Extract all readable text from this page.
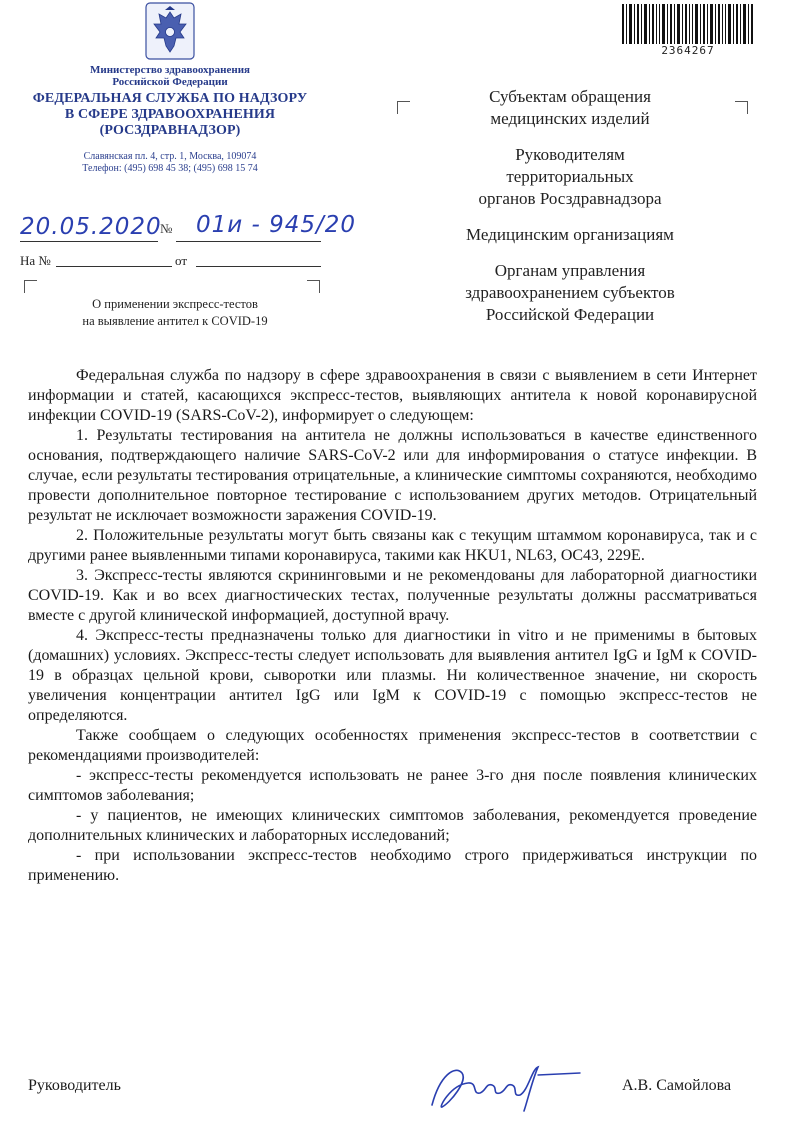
Министерство здравоохранения
Российской Федерации
ФЕДЕРАЛЬНАЯ СЛУЖБА ПО НАДЗОРУ
В СФЕРЕ ЗДРАВООХРАНЕНИЯ
(РОСЗДРАВНАДЗОР)
Славянская пл. 4, стр. 1, Москва, 109074
Телефон: (495) 698 45 38; (495) 698 15 74
20.05.2020
№ 01и - 945/20
На №	от
О применении экспресс-тестов
на выявление антител к COVID-19
2364267
Субъектам обращения
медицинских изделий
Руководителям
территориальных
органов Росздравнадзора
Медицинским организациям
Органам управления
здравоохранением субъектов
Российской Федерации

Федеральная служба по надзору в сфере здравоохранения в связи с выявлением в сети Интернет информации и статей, касающихся экспресс-тестов, выявляющих антитела к новой коронавирусной инфекции COVID-19 (SARS-CoV-2), информирует о следующем:

1. Результаты тестирования на антитела не должны использоваться в качестве единственного основания, подтверждающего наличие SARS-CoV-2 или для информирования о статусе инфекции. В случае, если результаты тестирования отрицательные, а клинические симптомы сохраняются, необходимо провести дополнительное повторное тестирование с использованием других методов. Отрицательный результат не исключает возможности заражения COVID-19.

2. Положительные результаты могут быть связаны как с текущим штаммом коронавируса, так и с другими ранее выявленными типами коронавируса, такими как HKU1, NL63, OC43, 229E.

3. Экспресс-тесты являются скрининговыми и не рекомендованы для лабораторной диагностики COVID-19. Как и во всех диагностических тестах, полученные результаты должны рассматриваться вместе с другой клинической информацией, доступной врачу.

4. Экспресс-тесты предназначены только для диагностики in vitro и не применимы в бытовых (домашних) условиях. Экспресс-тесты следует использовать для выявления антител IgG и IgM к COVID-19 в образцах цельной крови, сыворотки или плазмы. Ни количественное значение, ни скорость увеличения концентрации антител IgG или IgM к COVID-19 с помощью экспресс-тестов не определяются.

Также сообщаем о следующих особенностях применения экспресс-тестов в соответствии с рекомендациями производителей:

- экспресс-тесты рекомендуется использовать не ранее 3-го дня после появления клинических симптомов заболевания;

- у пациентов, не имеющих клинических симптомов заболевания, рекомендуется проведение дополнительных клинических и лабораторных исследований;

- при использовании экспресс-тестов необходимо строго придерживаться инструкции по применению.

Руководитель	А.В. Самойлова
